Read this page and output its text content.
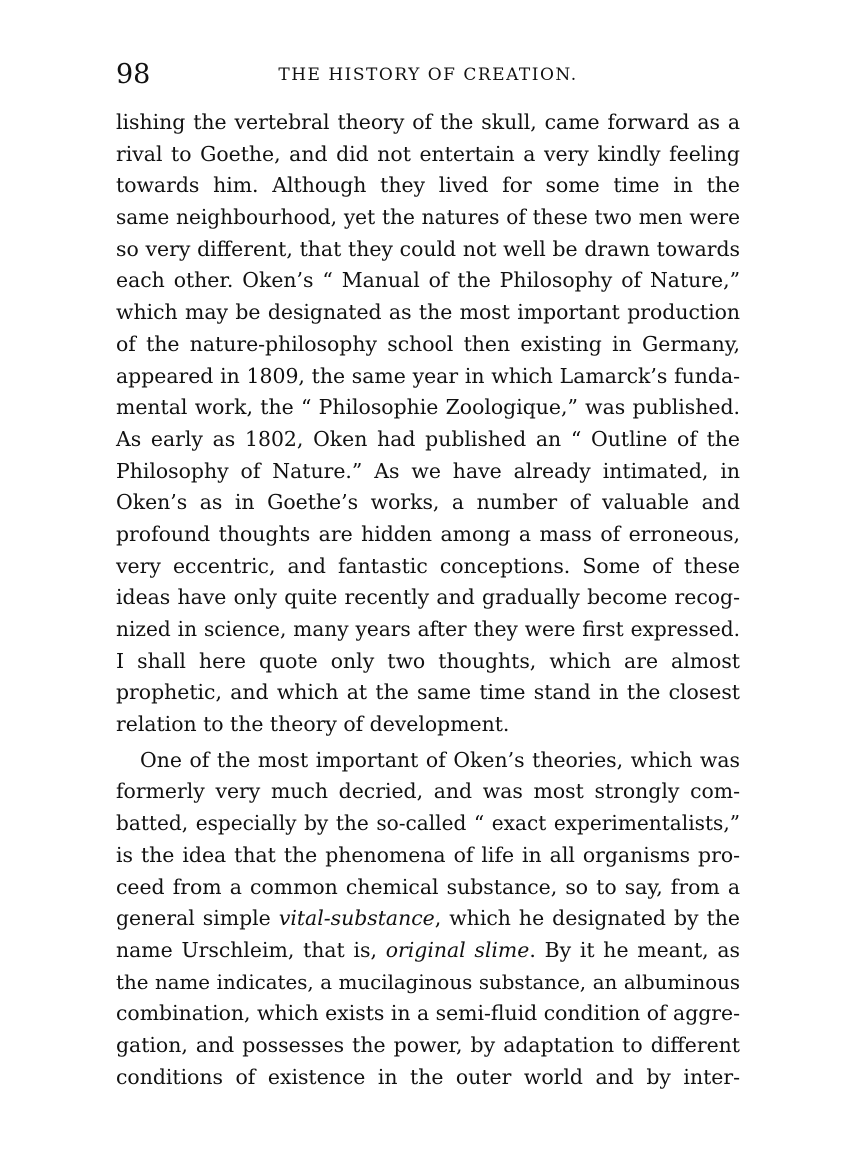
98	THE HISTORY OF CREATION.
lishing the vertebral theory of the skull, came forward as a
rival to Goethe, and did not entertain a very kindly feeling
towards him. Although they lived for some time in the
same neighbourhood, yet the natures of these two men were
so very different, that they could not well be drawn towards
each other. Oken’s “ Manual of the Philosophy of Nature,”
which may be designated as the most important production
of the nature-philosophy school then existing in Germany,
appeared in 1809, the same year in which Lamarck’s funda-
mental work, the “ Philosophie Zoologique,” was published.
As early as 1802, Oken had published an “ Outline of the
Philosophy of Nature.” As we have already intimated, in
Oken’s as in Goethe’s works, a number of valuable and
profound thoughts are hidden among a mass of erroneous,
very eccentric, and fantastic conceptions. Some of these
ideas have only quite recently and gradually become recog-
nized in science, many years after they were first expressed.
I shall here quote only two thoughts, which are almost
prophetic, and which at the same time stand in the closest
relation to the theory of development.
One of the most important of Oken’s theories, which was
formerly very much decried, and was most strongly com-
batted, especially by the so-called “ exact experimentalists,”
is the idea that the phenomena of life in all organisms pro-
ceed from a common chemical substance, so to say, from a
general simple vital-substance, which he designated by the
name Urschleim, that is, original slime. By it he meant, as
the name indicates, a mucilaginous substance, an albuminous
combination, which exists in a semi-fluid condition of aggre-
gation, and possesses the power, by adaptation to different
conditions of existence in the outer world and by inter-
